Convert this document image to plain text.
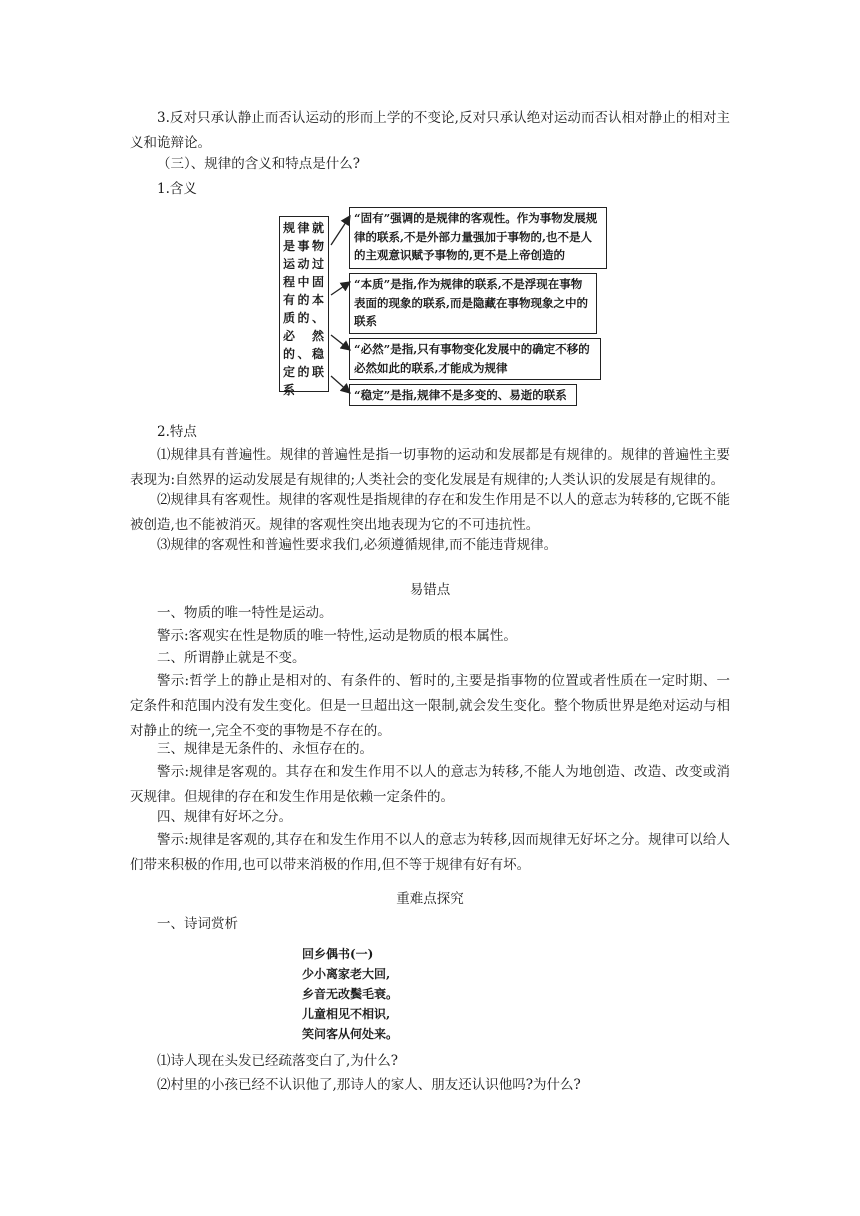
3.反对只承认静止而否认运动的形而上学的不变论,反对只承认绝对运动而否认相对静止的相对主义和诡辩论。

（三）、规律的含义和特点是什么?

1.含义

规律就是事物运动过程中固有的本质的、必然的、稳定的联系
“固有”强调的是规律的客观性。作为事物发展规律的联系,不是外部力量强加于事物的,也不是人的主观意识赋予事物的,更不是上帝创造的
“本质”是指,作为规律的联系,不是浮现在事物表面的现象的联系,而是隐藏在事物现象之中的联系
“必然”是指,只有事物变化发展中的确定不移的必然如此的联系,才能成为规律
“稳定”是指,规律不是多变的、易逝的联系

2.特点

⑴规律具有普遍性。规律的普遍性是指一切事物的运动和发展都是有规律的。规律的普遍性主要表现为:自然界的运动发展是有规律的;人类社会的变化发展是有规律的;人类认识的发展是有规律的。

⑵规律具有客观性。规律的客观性是指规律的存在和发生作用是不以人的意志为转移的,它既不能被创造,也不能被消灭。规律的客观性突出地表现为它的不可违抗性。

⑶规律的客观性和普遍性要求我们,必须遵循规律,而不能违背规律。

易错点

一、物质的唯一特性是运动。

警示:客观实在性是物质的唯一特性,运动是物质的根本属性。

二、所谓静止就是不变。

警示:哲学上的静止是相对的、有条件的、暂时的,主要是指事物的位置或者性质在一定时期、一定条件和范围内没有发生变化。但是一旦超出这一限制,就会发生变化。整个物质世界是绝对运动与相对静止的统一,完全不变的事物是不存在的。

三、规律是无条件的、永恒存在的。

警示:规律是客观的。其存在和发生作用不以人的意志为转移,不能人为地创造、改造、改变或消灭规律。但规律的存在和发生作用是依赖一定条件的。

四、规律有好坏之分。

警示:规律是客观的,其存在和发生作用不以人的意志为转移,因而规律无好坏之分。规律可以给人们带来积极的作用,也可以带来消极的作用,但不等于规律有好有坏。

重难点探究

一、诗词赏析

回乡偶书(一)

少小离家老大回,

乡音无改鬓毛衰。

儿童相见不相识,

笑问客从何处来。

⑴诗人现在头发已经疏落变白了,为什么?

⑵村里的小孩已经不认识他了,那诗人的家人、朋友还认识他吗?为什么?
